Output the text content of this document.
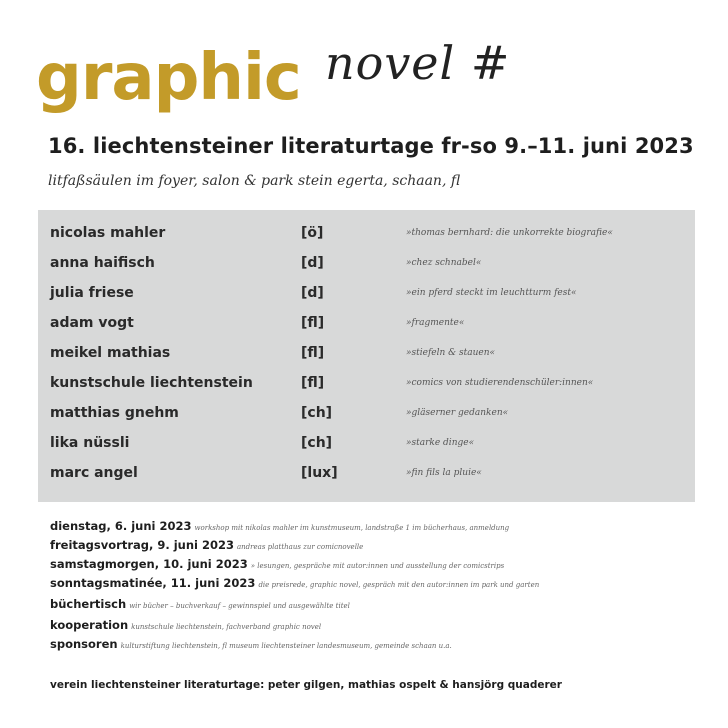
graphic novel #
16. liechtensteiner literaturtage fr-so 9.–11. juni 2023
litfaßsäulen im foyer, salon & park stein egerta, schaan, fl
nicolas mahler	[ö]	»thomas bernhard: die unkorrekte biografie«
anna haifisch	[d]	»chez schnabel«
julia friese	[d]	»ein pferd steckt im leuchtturm fest«
adam vogt	[fl]	»fragmente«
meikel mathias	[fl]	»stiefeln & stauen«
kunstschule liechtenstein	[fl]	»comics von studierendenschüler:innen«
matthias gnehm	[ch]	»gläserner gedanken«
lika nüssli	[ch]	»starke dinge«
marc angel	[lux]	»fin fils la pluie«
dienstag, 6. juni 2023 workshop mit nikolas mahler im kunstmuseum, landstraße 1 im bücherhaus, anmeldung
freitagsvortrag, 9. juni 2023 andreas platthaus zur comicnovelle
samstagmorgen, 10. juni 2023 » lesungen, gespräche mit autor:innen und ausstellung der comicstrips
sonntagsmatinée, 11. juni 2023 die preisrede, graphic novel, gespräch mit den autor:innen im park und garten
büchertisch wir bücher – buchverkauf – gewinnspiel und ausgewählte titel
kooperation kunstschule liechtenstein, fachverband graphic novel
sponsoren kulturstiftung liechtenstein, fl museum liechtensteiner landesmuseum, gemeinde schaan u.a.
verein liechtensteiner literaturtage: peter gilgen, mathias ospelt & hansjörg quaderer
